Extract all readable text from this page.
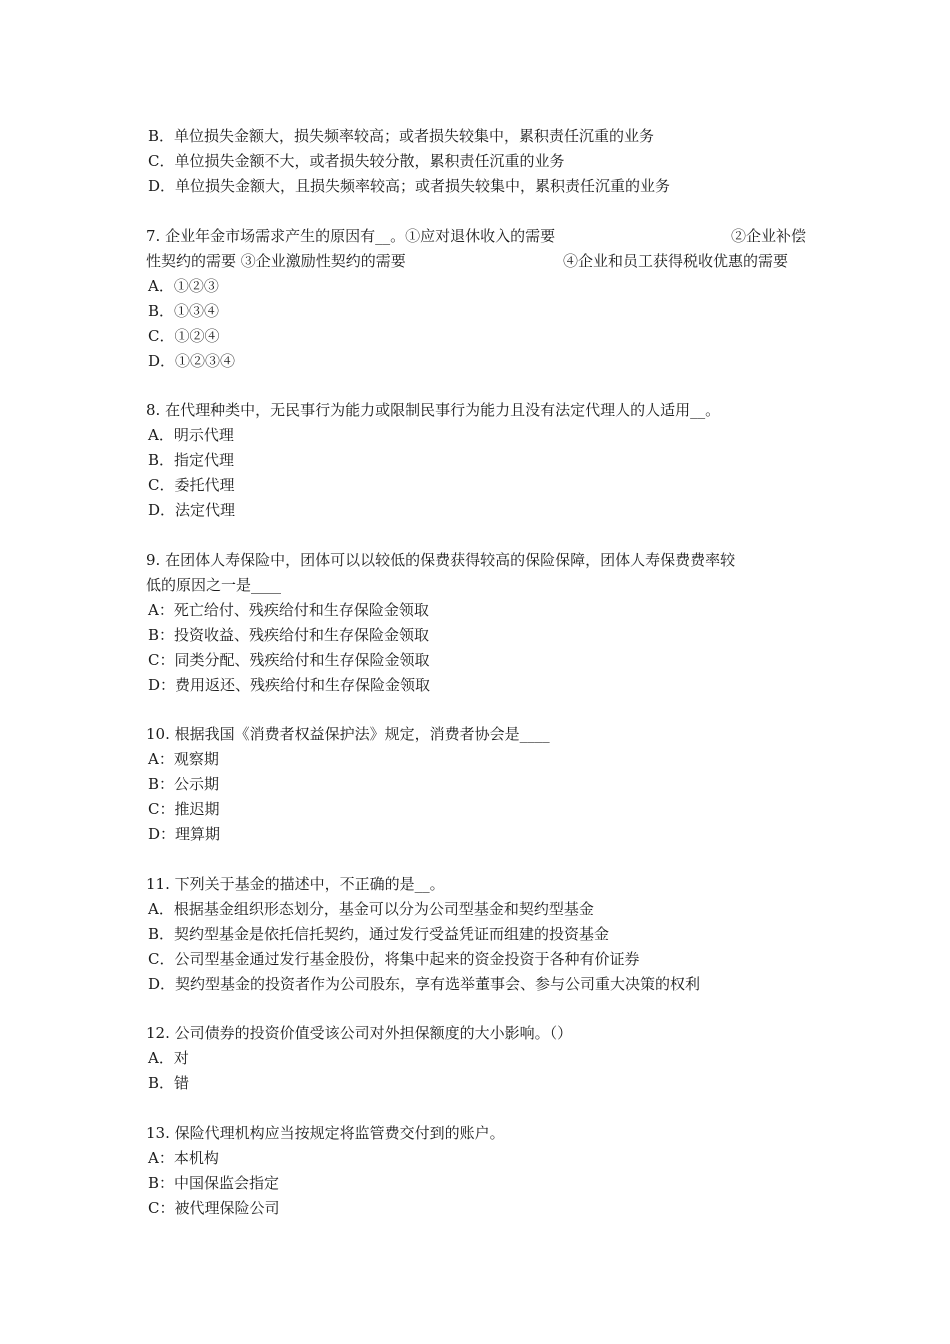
B．单位损失金额大，损失频率较高；或者损失较集中，累积责任沉重的业务
C．单位损失金额不大，或者损失较分散，累积责任沉重的业务
D．单位损失金额大，且损失频率较高；或者损失较集中，累积责任沉重的业务
7. 企业年金市场需求产生的原因有__。①应对退休收入的需要	②企业补偿
性契约的需要 ③企业激励性契约的需要	④企业和员工获得税收优惠的需要
A．①②③
B．①③④
C．①②④
D．①②③④
8. 在代理种类中，无民事行为能力或限制民事行为能力且没有法定代理人的人适用__。
A．明示代理
B．指定代理
C．委托代理
D．法定代理
9. 在团体人寿保险中，团体可以以较低的保费获得较高的保险保障，团体人寿保费费率较
低的原因之一是____
A：死亡给付、残疾给付和生存保险金领取
B：投资收益、残疾给付和生存保险金领取
C：同类分配、残疾给付和生存保险金领取
D：费用返还、残疾给付和生存保险金领取
10. 根据我国《消费者权益保护法》规定，消费者协会是____
A：观察期
B：公示期
C：推迟期
D：理算期
11. 下列关于基金的描述中，不正确的是__。
A．根据基金组织形态划分，基金可以分为公司型基金和契约型基金
B．契约型基金是依托信托契约，通过发行受益凭证而组建的投资基金
C．公司型基金通过发行基金股份，将集中起来的资金投资于各种有价证券
D．契约型基金的投资者作为公司股东，享有选举董事会、参与公司重大决策的权利
12. 公司债券的投资价值受该公司对外担保额度的大小影响。（）
A．对
B．错
13. 保险代理机构应当按规定将监管费交付到的账户。
A：本机构
B：中国保监会指定
C：被代理保险公司
